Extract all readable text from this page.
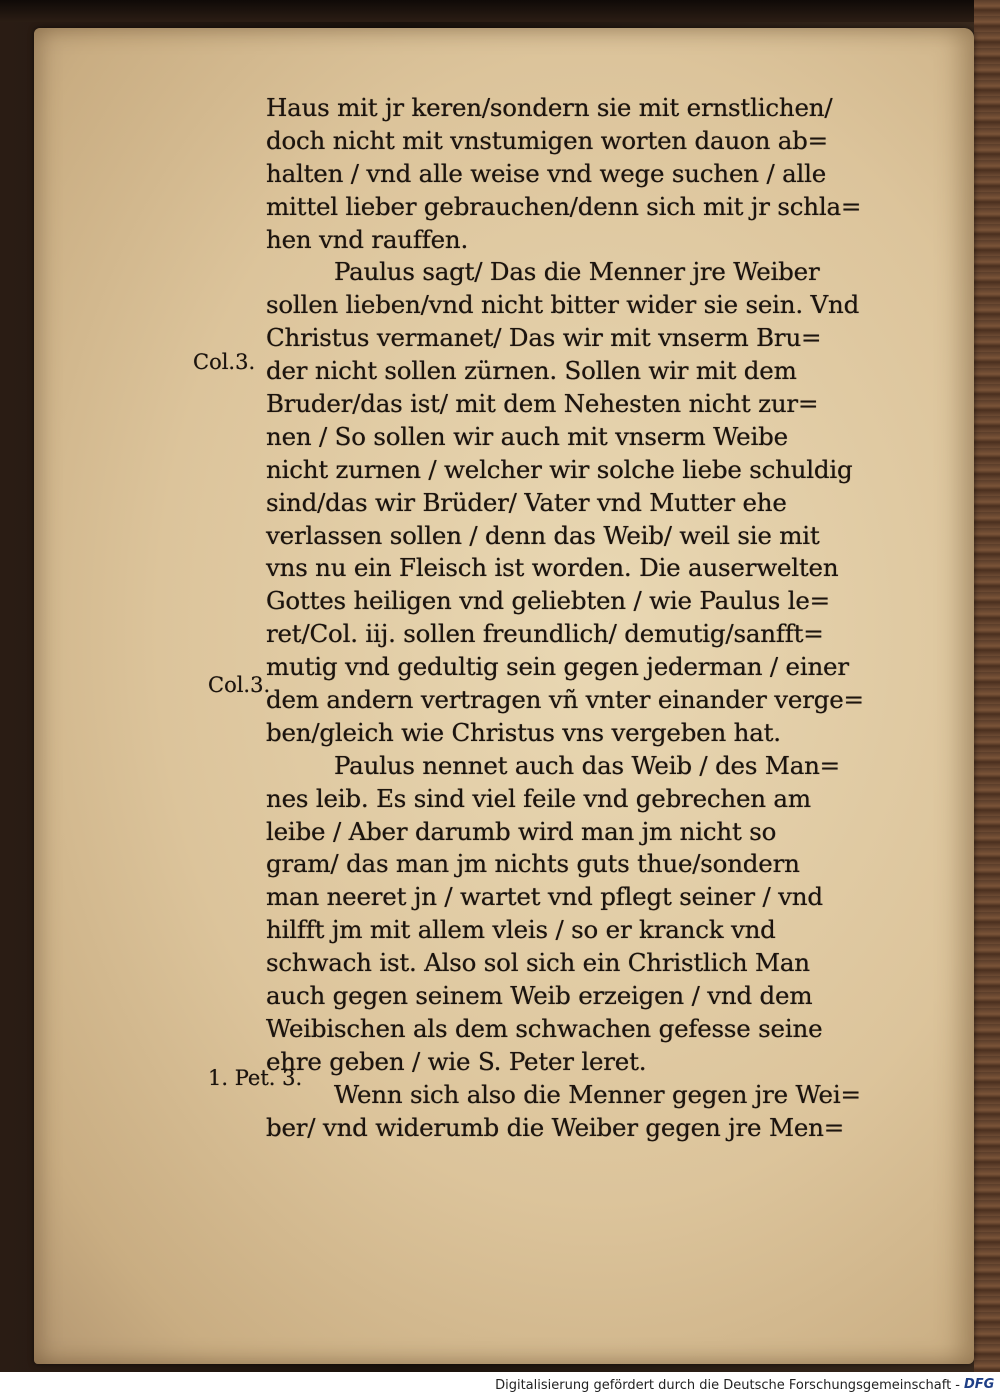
Haus mit jr keren/sondern sie mit ernstlichen/
doch nicht mit vnstumigen worten dauon ab=
halten / vnd alle weise vnd wege suchen / alle
mittel lieber gebrauchen/denn sich mit jr schla=
hen vnd rauffen.
Paulus sagt/ Das die Menner jre Weiber
sollen lieben/vnd nicht bitter wider sie sein. Vnd
Christus vermanet/ Das wir mit vnserm Bru=
der nicht sollen zürnen. Sollen wir mit dem
Bruder/das ist/ mit dem Nehesten nicht zur=
nen / So sollen wir auch mit vnserm Weibe
nicht zurnen / welcher wir solche liebe schuldig
sind/das wir Brüder/ Vater vnd Mutter ehe
verlassen sollen / denn das Weib/ weil sie mit
vns nu ein Fleisch ist worden. Die auserwelten
Gottes heiligen vnd geliebten / wie Paulus le=
ret/Col. iij. sollen freundlich/ demutig/sanfft=
mutig vnd gedultig sein gegen jederman / einer
dem andern vertragen vñ vnter einander verge=
ben/gleich wie Christus vns vergeben hat.
Paulus nennet auch das Weib / des Man=
nes leib. Es sind viel feile vnd gebrechen am
leibe / Aber darumb wird man jm nicht so
gram/ das man jm nichts guts thue/sondern
man neeret jn / wartet vnd pflegt seiner / vnd
hilfft jm mit allem vleis / so er kranck vnd
schwach ist. Also sol sich ein Christlich Man
auch gegen seinem Weib erzeigen / vnd dem
Weibischen als dem schwachen gefesse seine
ehre geben / wie S. Peter leret.
Wenn sich also die Menner gegen jre Wei=
ber/ vnd widerumb die Weiber gegen jre Men=
Col.3.
Col.3.
1. Pet. 3.
Digitalisierung gefördert durch die Deutsche Forschungsgemeinschaft - DFG
